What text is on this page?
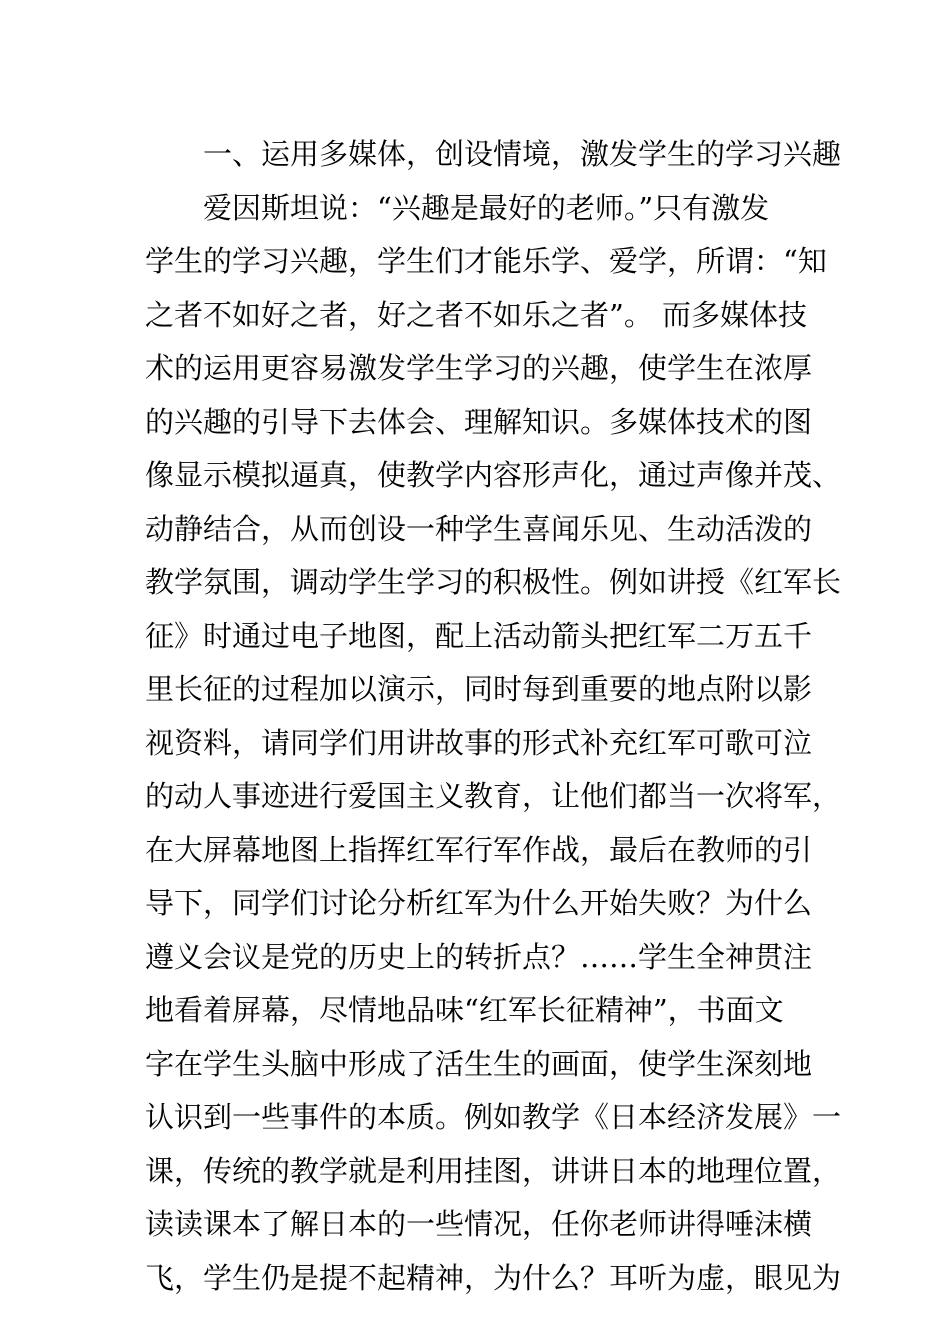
一、运用多媒体，创设情境，激发学生的学习兴趣
爱因斯坦说：“兴趣是最好的老师。”只有激发
学生的学习兴趣，学生们才能乐学、爱学，所谓：“知
之者不如好之者，好之者不如乐之者”。 而多媒体技
术的运用更容易激发学生学习的兴趣，使学生在浓厚
的兴趣的引导下去体会、理解知识。多媒体技术的图
像显示模拟逼真，使教学内容形声化，通过声像并茂、
动静结合，从而创设一种学生喜闻乐见、生动活泼的
教学氛围，调动学生学习的积极性。例如讲授《红军长
征》时通过电子地图，配上活动箭头把红军二万五千
里长征的过程加以演示，同时每到重要的地点附以影
视资料，请同学们用讲故事的形式补充红军可歌可泣
的动人事迹进行爱国主义教育，让他们都当一次将军，
在大屏幕地图上指挥红军行军作战，最后在教师的引
导下，同学们讨论分析红军为什么开始失败？为什么
遵义会议是党的历史上的转折点？……学生全神贯注
地看着屏幕，尽情地品味“红军长征精神”，书面文
字在学生头脑中形成了活生生的画面，使学生深刻地
认识到一些事件的本质。例如教学《日本经济发展》一
课，传统的教学就是利用挂图，讲讲日本的地理位置，
读读课本了解日本的一些情况，任你老师讲得唾沫横
飞，学生仍是提不起精神，为什么？耳听为虚，眼见为
